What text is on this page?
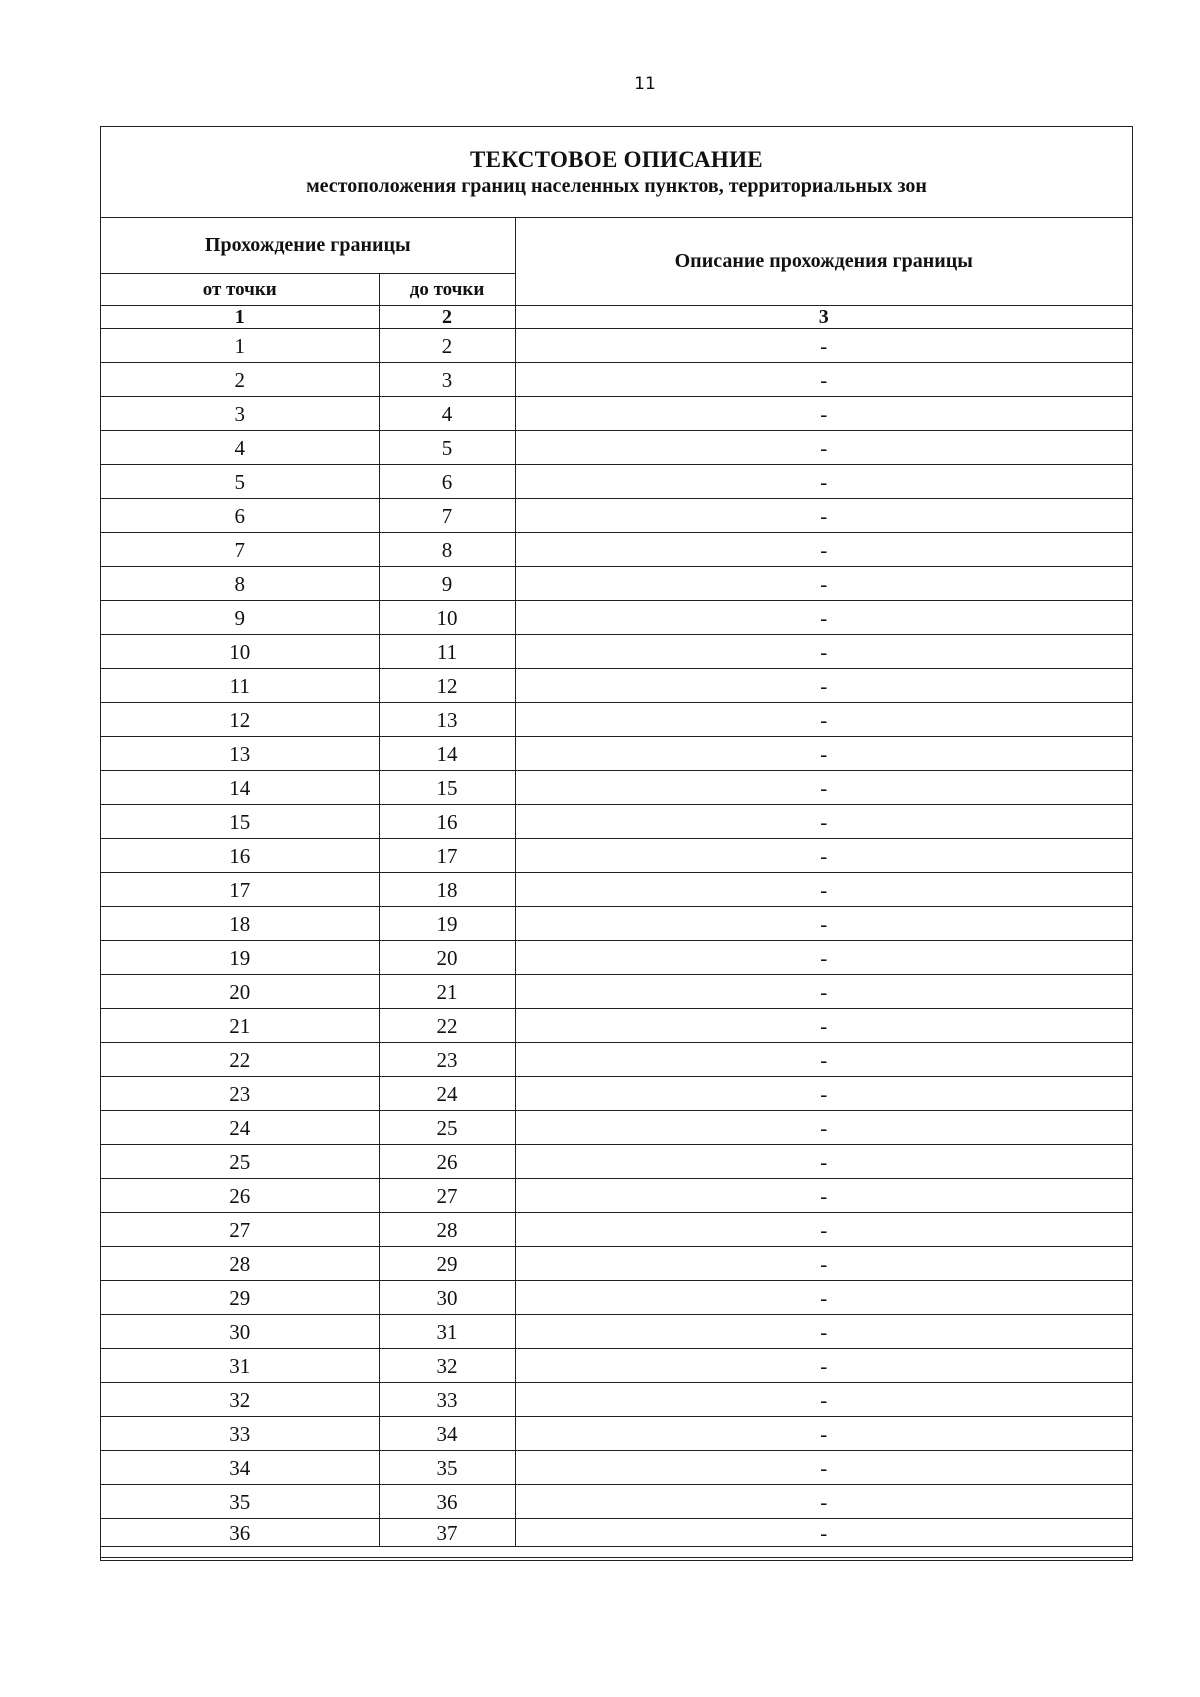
11
ТЕКСТОВОЕ ОПИСАНИЕ
местоположения границ населенных пунктов, территориальных зон
Прохождение границы		Описание прохождения границы
от точки	до точки	
1	2	3
1	2	-
2	3	-
3	4	-
4	5	-
5	6	-
6	7	-
7	8	-
8	9	-
9	10	-
10	11	-
11	12	-
12	13	-
13	14	-
14	15	-
15	16	-
16	17	-
17	18	-
18	19	-
19	20	-
20	21	-
21	22	-
22	23	-
23	24	-
24	25	-
25	26	-
26	27	-
27	28	-
28	29	-
29	30	-
30	31	-
31	32	-
32	33	-
33	34	-
34	35	-
35	36	-
36	37	-
